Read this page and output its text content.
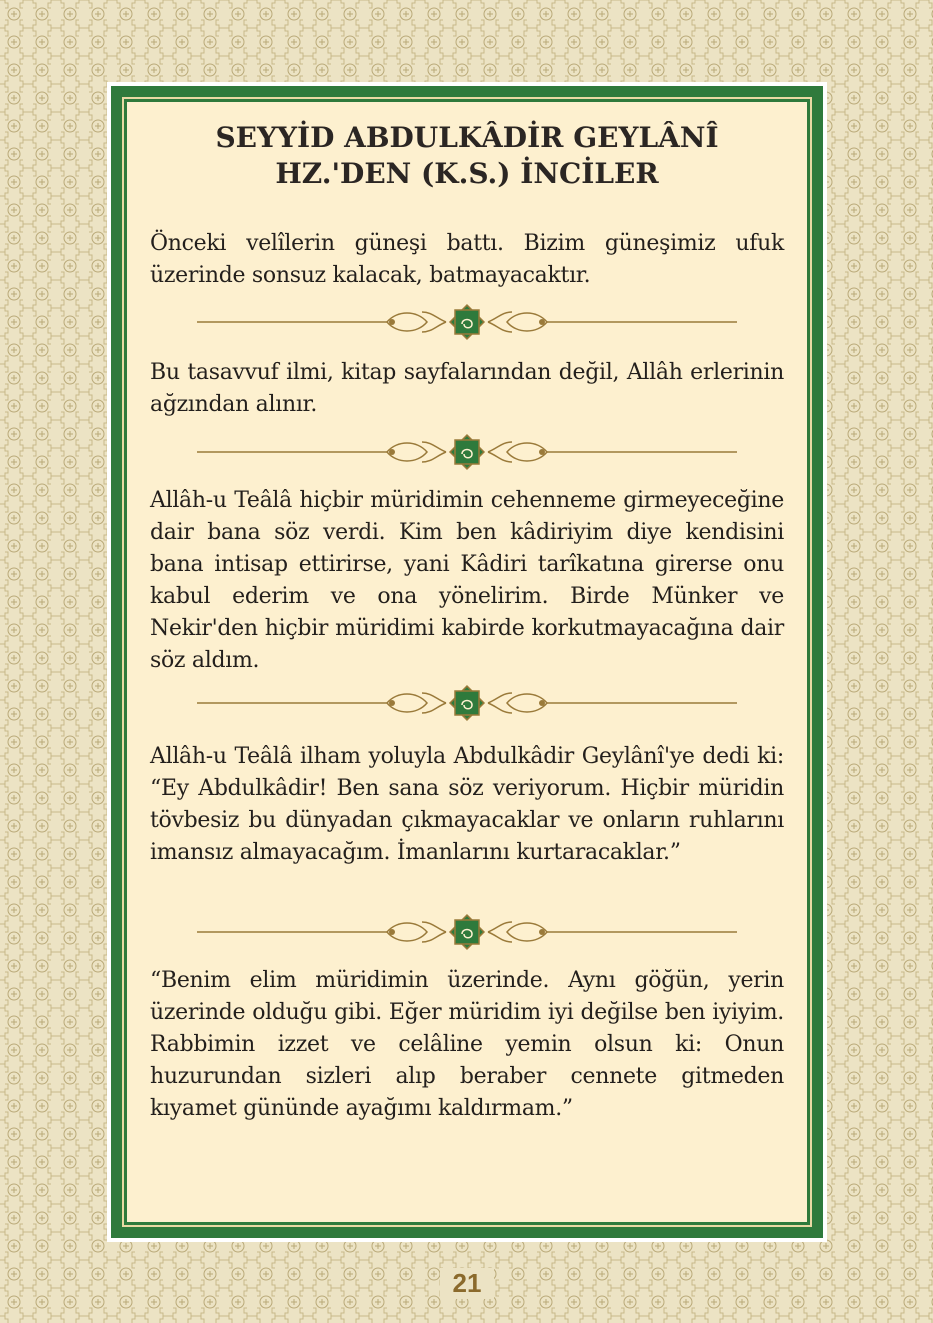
SEYYİD ABDULKÂDİR GEYLÂNÎ
HZ.'DEN (K.S.) İNCİLER

Önceki velîlerin güneşi battı. Bizim güneşimiz ufuk üzerinde sonsuz kalacak, batmayacaktır.

Bu tasavvuf ilmi, kitap sayfalarından değil, Allâh erlerinin ağzından alınır.

Allâh-u Teâlâ hiçbir müridimin cehenneme girmeyeceğine dair bana söz verdi. Kim ben kâdiriyim diye kendisini bana intisap ettirirse, yani Kâdiri tarîkatına girerse onu kabul ederim ve ona yönelirim. Birde Münker ve Nekir'den hiçbir müridimi kabirde korkutmayacağına dair söz aldım.

Allâh-u Teâlâ ilham yoluyla Abdulkâdir Geylânî'ye dedi ki: “Ey Abdulkâdir! Ben sana söz veriyorum. Hiçbir müridin tövbesiz bu dünyadan çıkmayacaklar ve onların ruhlarını imansız almayacağım. İmanlarını kurtaracaklar.”

“Benim elim müridimin üzerinde. Aynı göğün, yerin üzerinde olduğu gibi. Eğer müridim iyi değilse ben iyiyim. Rabbimin izzet ve celâline yemin olsun ki: Onun huzurundan sizleri alıp beraber cennete gitmeden kıyamet gününde ayağımı kaldırmam.”

21
